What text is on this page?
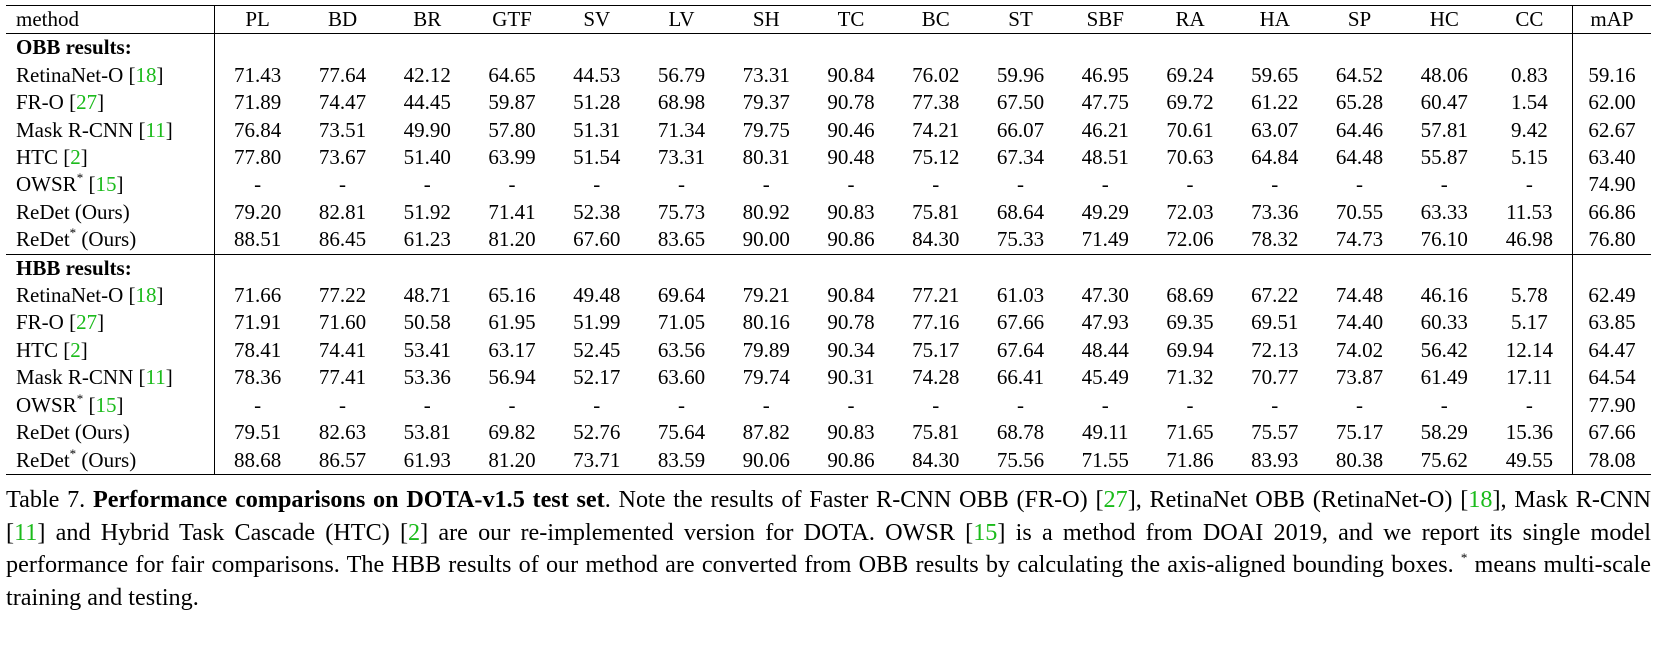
method	PL	BD	BR	GTF	SV	LV	SH	TC	BC	ST	SBF	RA	HA	SP	HC	CC	mAP
OBB results:																	
RetinaNet-O [18]	71.43	77.64	42.12	64.65	44.53	56.79	73.31	90.84	76.02	59.96	46.95	69.24	59.65	64.52	48.06	0.83	59.16
FR-O [27]	71.89	74.47	44.45	59.87	51.28	68.98	79.37	90.78	77.38	67.50	47.75	69.72	61.22	65.28	60.47	1.54	62.00
Mask R-CNN [11]	76.84	73.51	49.90	57.80	51.31	71.34	79.75	90.46	74.21	66.07	46.21	70.61	63.07	64.46	57.81	9.42	62.67
HTC [2]	77.80	73.67	51.40	63.99	51.54	73.31	80.31	90.48	75.12	67.34	48.51	70.63	64.84	64.48	55.87	5.15	63.40
OWSR* [15]	-	-	-	-	-	-	-	-	-	-	-	-	-	-	-	-	74.90
ReDet (Ours)	79.20	82.81	51.92	71.41	52.38	75.73	80.92	90.83	75.81	68.64	49.29	72.03	73.36	70.55	63.33	11.53	66.86
ReDet* (Ours)	88.51	86.45	61.23	81.20	67.60	83.65	90.00	90.86	84.30	75.33	71.49	72.06	78.32	74.73	76.10	46.98	76.80
HBB results:																	
RetinaNet-O [18]	71.66	77.22	48.71	65.16	49.48	69.64	79.21	90.84	77.21	61.03	47.30	68.69	67.22	74.48	46.16	5.78	62.49
FR-O [27]	71.91	71.60	50.58	61.95	51.99	71.05	80.16	90.78	77.16	67.66	47.93	69.35	69.51	74.40	60.33	5.17	63.85
HTC [2]	78.41	74.41	53.41	63.17	52.45	63.56	79.89	90.34	75.17	67.64	48.44	69.94	72.13	74.02	56.42	12.14	64.47
Mask R-CNN [11]	78.36	77.41	53.36	56.94	52.17	63.60	79.74	90.31	74.28	66.41	45.49	71.32	70.77	73.87	61.49	17.11	64.54
OWSR* [15]	-	-	-	-	-	-	-	-	-	-	-	-	-	-	-	-	77.90
ReDet (Ours)	79.51	82.63	53.81	69.82	52.76	75.64	87.82	90.83	75.81	68.78	49.11	71.65	75.57	75.17	58.29	15.36	67.66
ReDet* (Ours)	88.68	86.57	61.93	81.20	73.71	83.59	90.06	90.86	84.30	75.56	71.55	71.86	83.93	80.38	75.62	49.55	78.08
Table 7. Performance comparisons on DOTA-v1.5 test set. Note the results of Faster R-CNN OBB (FR-O) [27], RetinaNet OBB (RetinaNet-O) [18], Mask R-CNN [11] and Hybrid Task Cascade (HTC) [2] are our re-implemented version for DOTA. OWSR [15] is a method from DOAI 2019, and we report its single model performance for fair comparisons. The HBB results of our method are converted from OBB results by calculating the axis-aligned bounding boxes. * means multi-scale training and testing.
